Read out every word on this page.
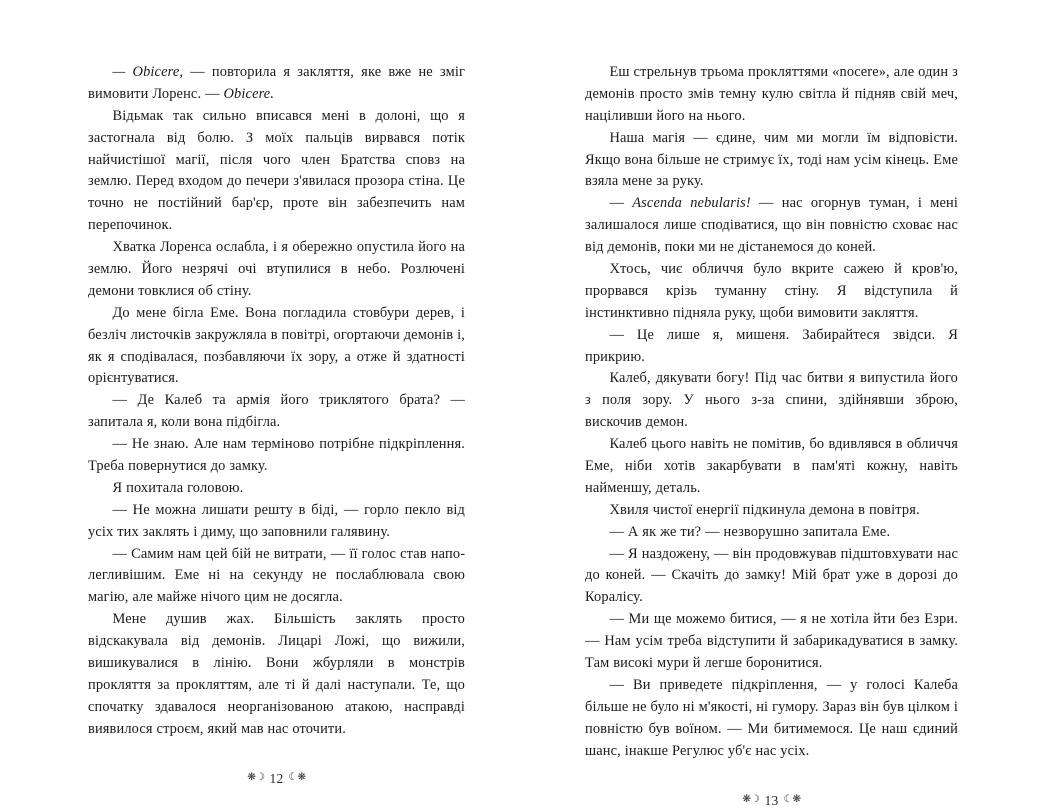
— Obicere, — повторила я закляття, яке вже не зміг вимовити Лоренс. — Obicere.

Відьмак так сильно вписався мені в долоні, що я застогнала від болю. З моїх пальців вирвався потік найчистішої магії, після чого член Братства сповз на землю. Перед входом до печери з'явилася прозора стіна. Це точно не постійний бар'єр, проте він забезпечить нам перепочинок.

Хватка Лоренса ослабла, і я обережно опустила його на землю. Його незрячі очі втупилися в небо. Розлючені демони товклися об стіну.

До мене бігла Еме. Вона погладила стовбури дерев, і безліч листочків закружляла в повітрі, огортаючи демонів і, як я сподівалася, позбавляючи їх зору, а отже й здатності орієнтуватися.

— Де Калеб та армія його триклятого брата? — запитала я, коли вона підбігла.

— Не знаю. Але нам терміново потрібне підкріплення. Треба повернутися до замку.

Я похитала головою.

— Не можна лишати решту в біді, — горло пекло від усіх тих заклять і диму, що заповнили галявину.

— Самим нам цей бій не витрати, — її голос став наполегливішим. Еме ні на секунду не послаблювала свою магію, але майже нічого цим не досягла.

Мене душив жах. Більшість заклять просто відскакувала від демонів. Лицарі Ложі, що вижили, вишикувалися в лінію. Вони жбурляли в монстрів прокляття за прокляттям, але ті й далі наступали. Те, що спочатку здавалося неорганізованою атакою, насправді виявилося строєм, який мав нас оточити.

❋☽ 12 ☾❋

Еш стрельнув трьома прокляттями «nocere», але один з демонів просто змів темну кулю світла й підняв свій меч, націливши його на нього.

Наша магія — єдине, чим ми могли їм відповісти. Якщо вона більше не стримує їх, тоді нам усім кінець. Еме взяла мене за руку.

— Ascenda nebularis! — нас огорнув туман, і мені залишалося лише сподіватися, що він повністю сховає нас від демонів, поки ми не дістанемося до коней.

Хтось, чиє обличчя було вкрите сажею й кров'ю, прорвався крізь туманну стіну. Я відступила й інстинктивно підняла руку, щоби вимовити закляття.

— Це лише я, мишеня. Забирайтеся звідси. Я прикрию.

Калеб, дякувати богу! Під час битви я випустила його з поля зору. У нього з-за спини, здійнявши зброю, вискочив демон.

Калеб цього навіть не помітив, бо вдивлявся в обличчя Еме, ніби хотів закарбувати в пам'яті кожну, навіть найменшу, деталь.

Хвиля чистої енергії підкинула демона в повітря.

— А як же ти? — незворушно запитала Еме.

— Я наздожену, — він продовжував підштовхувати нас до коней. — Скачіть до замку! Мій брат уже в дорозі до Коралісу.

— Ми ще можемо битися, — я не хотіла йти без Езри. — Нам усім треба відступити й забарикадуватися в замку. Там високі мури й легше боронитися.

— Ви приведете підкріплення, — у голосі Калеба більше не було ні м'якості, ні гумору. Зараз він був цілком і повністю був воїном. — Ми битимемося. Це наш єдиний шанс, інакше Регулюс уб'є нас усіх.

❋☽ 13 ☾❋
